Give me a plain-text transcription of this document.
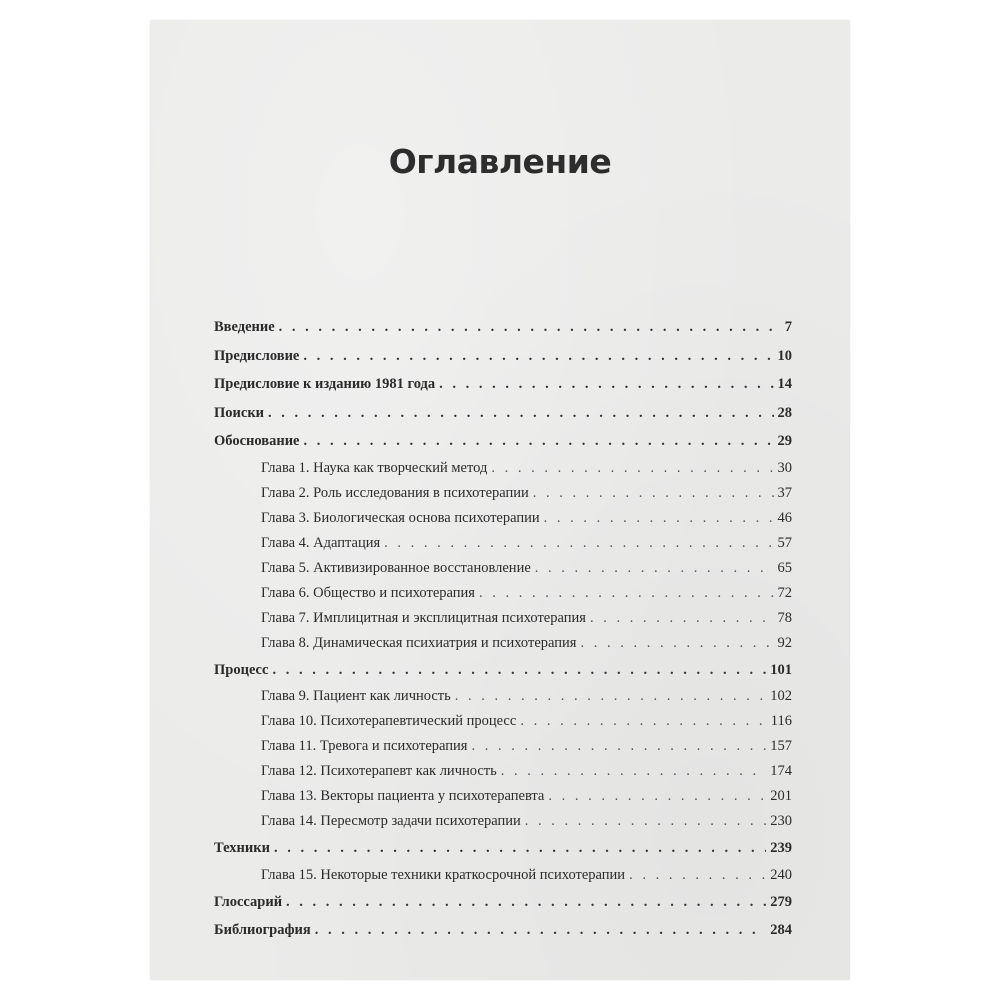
Оглавление
Введение . . .	7
Предисловие . . .	10
Предисловие к изданию 1981 года . . .	14
Поиски . . .	28
Обоснование . . .	29
Глава 1. Наука как творческий метод . . .	30
Глава 2. Роль исследования в психотерапии . . .	37
Глава 3. Биологическая основа психотерапии . . .	46
Глава 4. Адаптация . . .	57
Глава 5. Активизированное восстановление . . .	65
Глава 6. Общество и психотерапия . . .	72
Глава 7. Имплицитная и эксплицитная психотерапия . . .	78
Глава 8. Динамическая психиатрия и психотерапия . . .	92
Процесс . . .	101
Глава 9. Пациент как личность . . .	102
Глава 10. Психотерапевтический процесс . . .	116
Глава 11. Тревога и психотерапия . . .	157
Глава 12. Психотерапевт как личность . . .	174
Глава 13. Векторы пациента у психотерапевта . . .	201
Глава 14. Пересмотр задачи психотерапии . . .	230
Техники . . .	239
Глава 15. Некоторые техники краткосрочной психотерапии . . .	240
Глоссарий . . .	279
Библиография . . .	284
